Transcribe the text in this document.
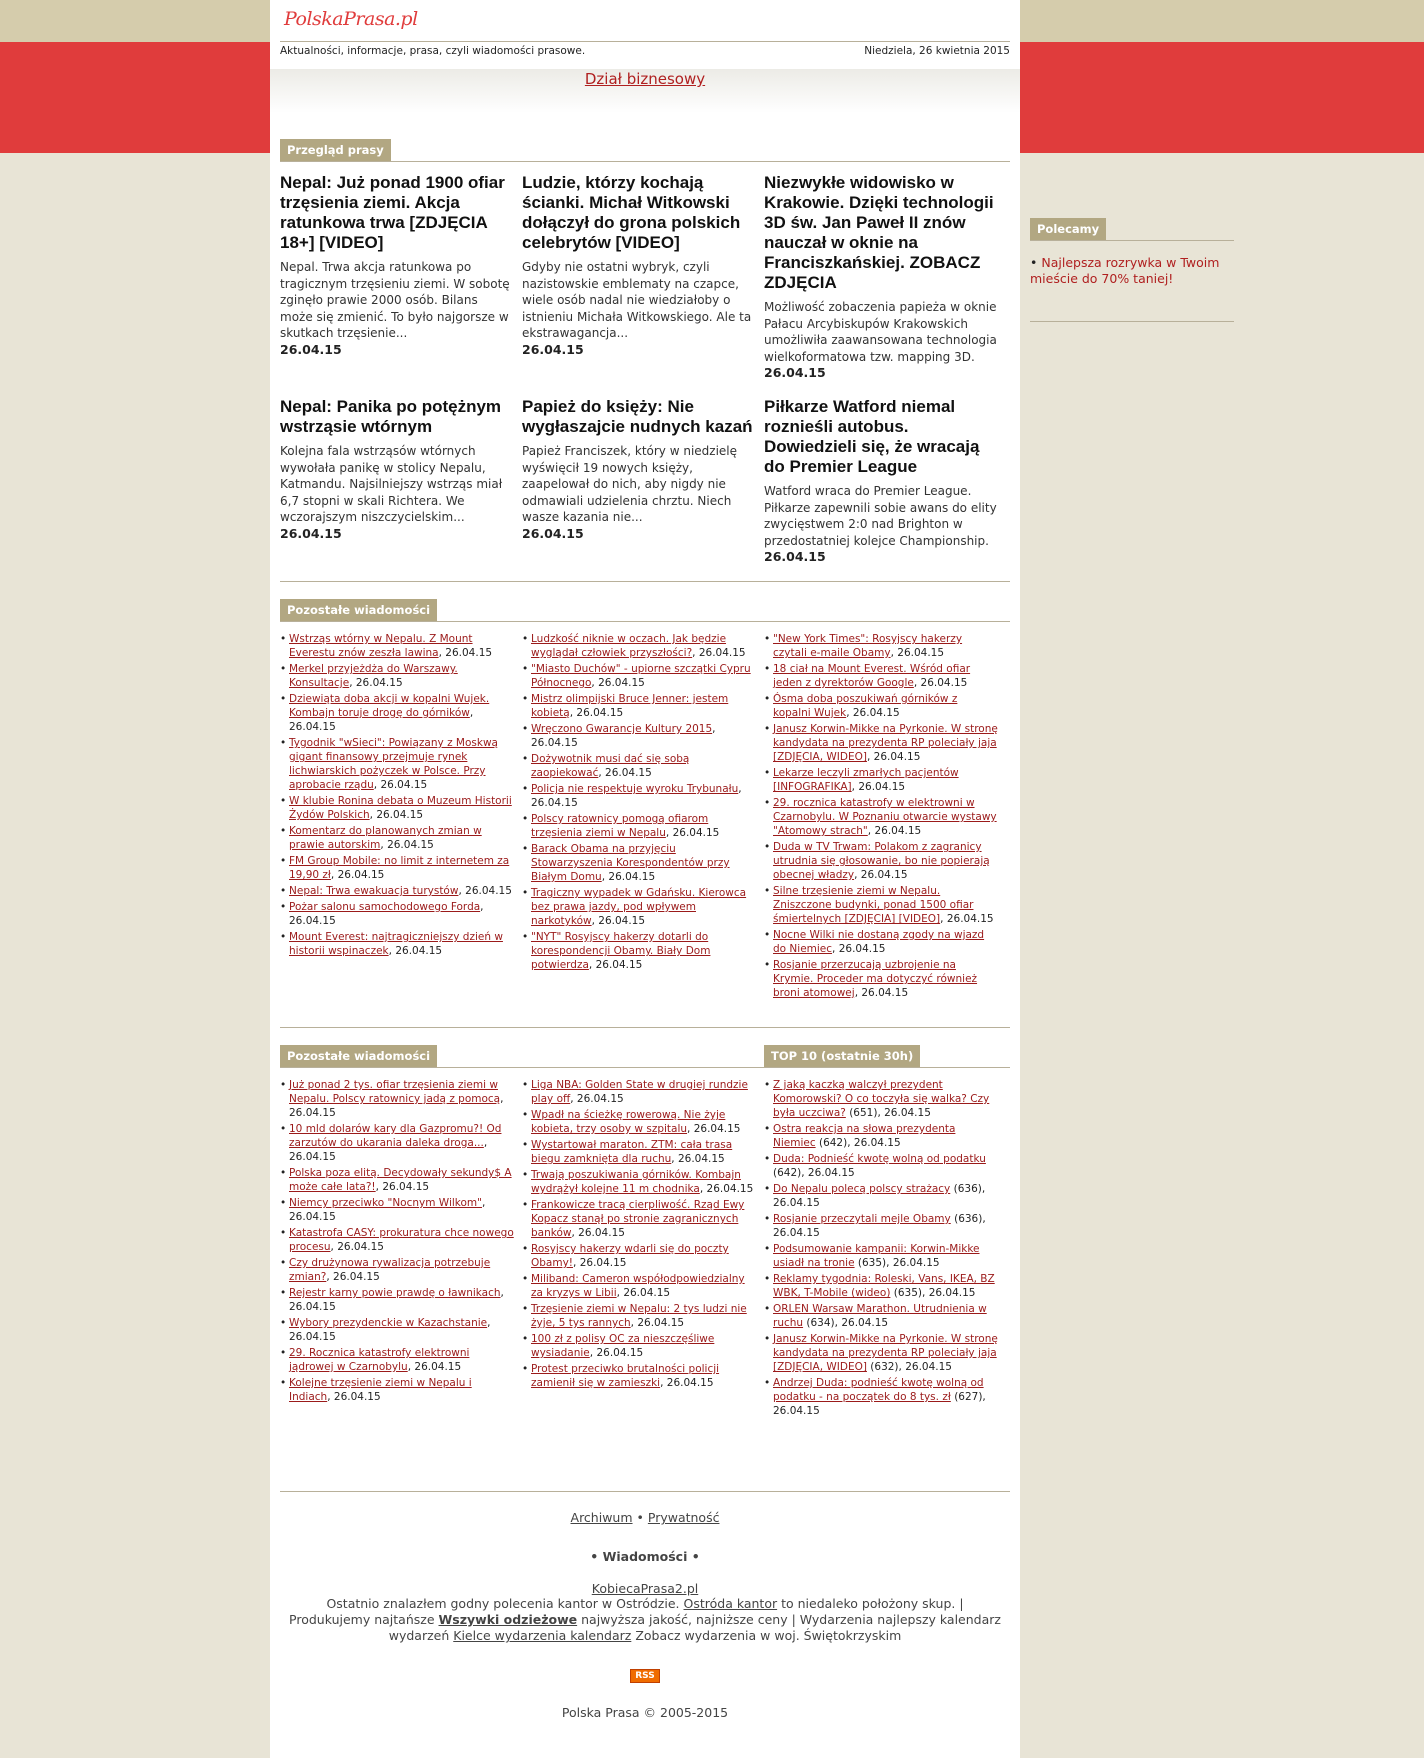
PolskaPrasa.pl
Aktualności, informacje, prasa, czyli wiadomości prasowe.	Niedziela, 26 kwietnia 2015
Dział biznesowy
Przegląd prasy
Nepal: Już ponad 1900 ofiar trzęsienia ziemi. Akcja ratunkowa trwa [ZDJĘCIA 18+] [VIDEO]

Nepal. Trwa akcja ratunkowa po tragicznym trzęsieniu ziemi. W sobotę zginęło prawie 2000 osób. Bilans może się zmienić. To było najgorsze w skutkach trzęsienie...

26.04.15
Ludzie, którzy kochają ścianki. Michał Witkowski dołączył do grona polskich celebrytów [VIDEO]

Gdyby nie ostatni wybryk, czyli nazistowskie emblematy na czapce, wiele osób nadal nie wiedziałoby o istnieniu Michała Witkowskiego. Ale ta ekstrawagancja...

26.04.15
Niezwykłe widowisko w Krakowie. Dzięki technologii 3D św. Jan Paweł II znów nauczał w oknie na Franciszkańskiej. ZOBACZ ZDJĘCIA

Możliwość zobaczenia papieża w oknie Pałacu Arcybiskupów Krakowskich umożliwiła zaawansowana technologia wielkoformatowa tzw. mapping 3D.

26.04.15
Nepal: Panika po potężnym wstrząsie wtórnym

Kolejna fala wstrząsów wtórnych wywołała panikę w stolicy Nepalu, Katmandu. Najsilniejszy wstrząs miał 6,7 stopni w skali Richtera. We wczorajszym niszczycielskim...

26.04.15
Papież do księży: Nie wygłaszajcie nudnych kazań

Papież Franciszek, który w niedzielę wyświęcił 19 nowych księży, zaapelował do nich, aby nigdy nie odmawiali udzielenia chrztu. Niech wasze kazania nie...

26.04.15
Piłkarze Watford niemal roznieśli autobus. Dowiedzieli się, że wracają do Premier League

Watford wraca do Premier League. Piłkarze zapewnili sobie awans do elity zwycięstwem 2:0 nad Brighton w przedostatniej kolejce Championship.

26.04.15
Pozostałe wiadomości
• Wstrząs wtórny w Nepalu. Z Mount Everestu znów zeszła lawina, 26.04.15
• Merkel przyjeżdża do Warszawy. Konsultacje, 26.04.15
• Dziewiąta doba akcji w kopalni Wujek. Kombajn toruje drogę do górników, 26.04.15
• Tygodnik "wSieci": Powiązany z Moskwą gigant finansowy przejmuje rynek lichwiarskich pożyczek w Polsce. Przy aprobacie rządu, 26.04.15
• W klubie Ronina debata o Muzeum Historii Żydów Polskich, 26.04.15
• Komentarz do planowanych zmian w prawie autorskim, 26.04.15
• FM Group Mobile: no limit z internetem za 19,90 zł, 26.04.15
• Nepal: Trwa ewakuacja turystów, 26.04.15
• Pożar salonu samochodowego Forda, 26.04.15
• Mount Everest: najtragiczniejszy dzień w historii wspinaczek, 26.04.15
• Ludzkość niknie w oczach. Jak będzie wyglądał człowiek przyszłości?, 26.04.15
• "Miasto Duchów" - upiorne szczątki Cypru Północnego, 26.04.15
• Mistrz olimpijski Bruce Jenner: jestem kobietą, 26.04.15
• Wręczono Gwarancje Kultury 2015, 26.04.15
• Dożywotnik musi dać się sobą zaopiekować, 26.04.15
• Policja nie respektuje wyroku Trybunału, 26.04.15
• Polscy ratownicy pomogą ofiarom trzęsienia ziemi w Nepalu, 26.04.15
• Barack Obama na przyjęciu Stowarzyszenia Korespondentów przy Białym Domu, 26.04.15
• Tragiczny wypadek w Gdańsku. Kierowca bez prawa jazdy, pod wpływem narkotyków, 26.04.15
• "NYT" Rosyjscy hakerzy dotarli do korespondencji Obamy. Biały Dom potwierdza, 26.04.15
• "New York Times": Rosyjscy hakerzy czytali e-maile Obamy, 26.04.15
• 18 ciał na Mount Everest. Wśród ofiar jeden z dyrektorów Google, 26.04.15
• Ósma doba poszukiwań górników z kopalni Wujek, 26.04.15
• Janusz Korwin-Mikke na Pyrkonie. W stronę kandydata na prezydenta RP poleciały jaja [ZDJĘCIA, WIDEO], 26.04.15
• Lekarze leczyli zmarłych pacjentów [INFOGRAFIKA], 26.04.15
• 29. rocznica katastrofy w elektrowni w Czarnobylu. W Poznaniu otwarcie wystawy "Atomowy strach", 26.04.15
• Duda w TV Trwam: Polakom z zagranicy utrudnia się głosowanie, bo nie popierają obecnej władzy, 26.04.15
• Silne trzęsienie ziemi w Nepalu. Zniszczone budynki, ponad 1500 ofiar śmiertelnych [ZDJĘCIA] [VIDEO], 26.04.15
• Nocne Wilki nie dostaną zgody na wjazd do Niemiec, 26.04.15
• Rosjanie przerzucają uzbrojenie na Krymie. Proceder ma dotyczyć również broni atomowej, 26.04.15
Pozostałe wiadomości	TOP 10 (ostatnie 30h)
• Już ponad 2 tys. ofiar trzęsienia ziemi w Nepalu. Polscy ratownicy jadą z pomocą, 26.04.15
• 10 mld dolarów kary dla Gazpromu?! Od zarzutów do ukarania daleka droga..., 26.04.15
• Polska poza elitą. Decydowały sekundy$ A może całe lata?!, 26.04.15
• Niemcy przeciwko "Nocnym Wilkom", 26.04.15
• Katastrofa CASY: prokuratura chce nowego procesu, 26.04.15
• Czy drużynowa rywalizacja potrzebuje zmian?, 26.04.15
• Rejestr karny powie prawdę o ławnikach, 26.04.15
• Wybory prezydenckie w Kazachstanie, 26.04.15
• 29. Rocznica katastrofy elektrowni jądrowej w Czarnobylu, 26.04.15
• Kolejne trzęsienie ziemi w Nepalu i Indiach, 26.04.15
• Liga NBA: Golden State w drugiej rundzie play off, 26.04.15
• Wpadł na ścieżkę rowerową. Nie żyje kobieta, trzy osoby w szpitalu, 26.04.15
• Wystartował maraton. ZTM: cała trasa biegu zamknięta dla ruchu, 26.04.15
• Trwają poszukiwania górników. Kombajn wydrążył kolejne 11 m chodnika, 26.04.15
• Frankowicze tracą cierpliwość. Rząd Ewy Kopacz stanął po stronie zagranicznych banków, 26.04.15
• Rosyjscy hakerzy wdarli się do poczty Obamy!, 26.04.15
• Miliband: Cameron współodpowiedzialny za kryzys w Libii, 26.04.15
• Trzęsienie ziemi w Nepalu: 2 tys ludzi nie żyje, 5 tys rannych, 26.04.15
• 100 zł z polisy OC za nieszczęśliwe wysiadanie, 26.04.15
• Protest przeciwko brutalności policji zamienił się w zamieszki, 26.04.15
• Z jaką kaczką walczył prezydent Komorowski? O co toczyła się walka? Czy była uczciwa? (651), 26.04.15
• Ostra reakcja na słowa prezydenta Niemiec (642), 26.04.15
• Duda: Podnieść kwotę wolną od podatku (642), 26.04.15
• Do Nepalu polecą polscy strażacy (636), 26.04.15
• Rosjanie przeczytali mejle Obamy (636), 26.04.15
• Podsumowanie kampanii: Korwin-Mikke usiadł na tronie (635), 26.04.15
• Reklamy tygodnia: Roleski, Vans, IKEA, BZ WBK, T-Mobile (wideo) (635), 26.04.15
• ORLEN Warsaw Marathon. Utrudnienia w ruchu (634), 26.04.15
• Janusz Korwin-Mikke na Pyrkonie. W stronę kandydata na prezydenta RP poleciały jaja [ZDJĘCIA, WIDEO] (632), 26.04.15
• Andrzej Duda: podnieść kwotę wolną od podatku - na początek do 8 tys. zł (627), 26.04.15
Archiwum • Prywatność
• Wiadomości •
KobiecaPrasa2.pl
Ostatnio znalazłem godny polecenia kantor w Ostródzie. Ostróda kantor to niedaleko położony skup. | Produkujemy najtańsze Wszywki odzieżowe najwyższa jakość, najniższe ceny | Wydarzenia najlepszy kalendarz wydarzeń Kielce wydarzenia kalendarz Zobacz wydarzenia w woj. Świętokrzyskim
RSS
Polska Prasa © 2005-2015
Polecamy

• Najlepsza rozrywka w Twoim mieście do 70% taniej!
